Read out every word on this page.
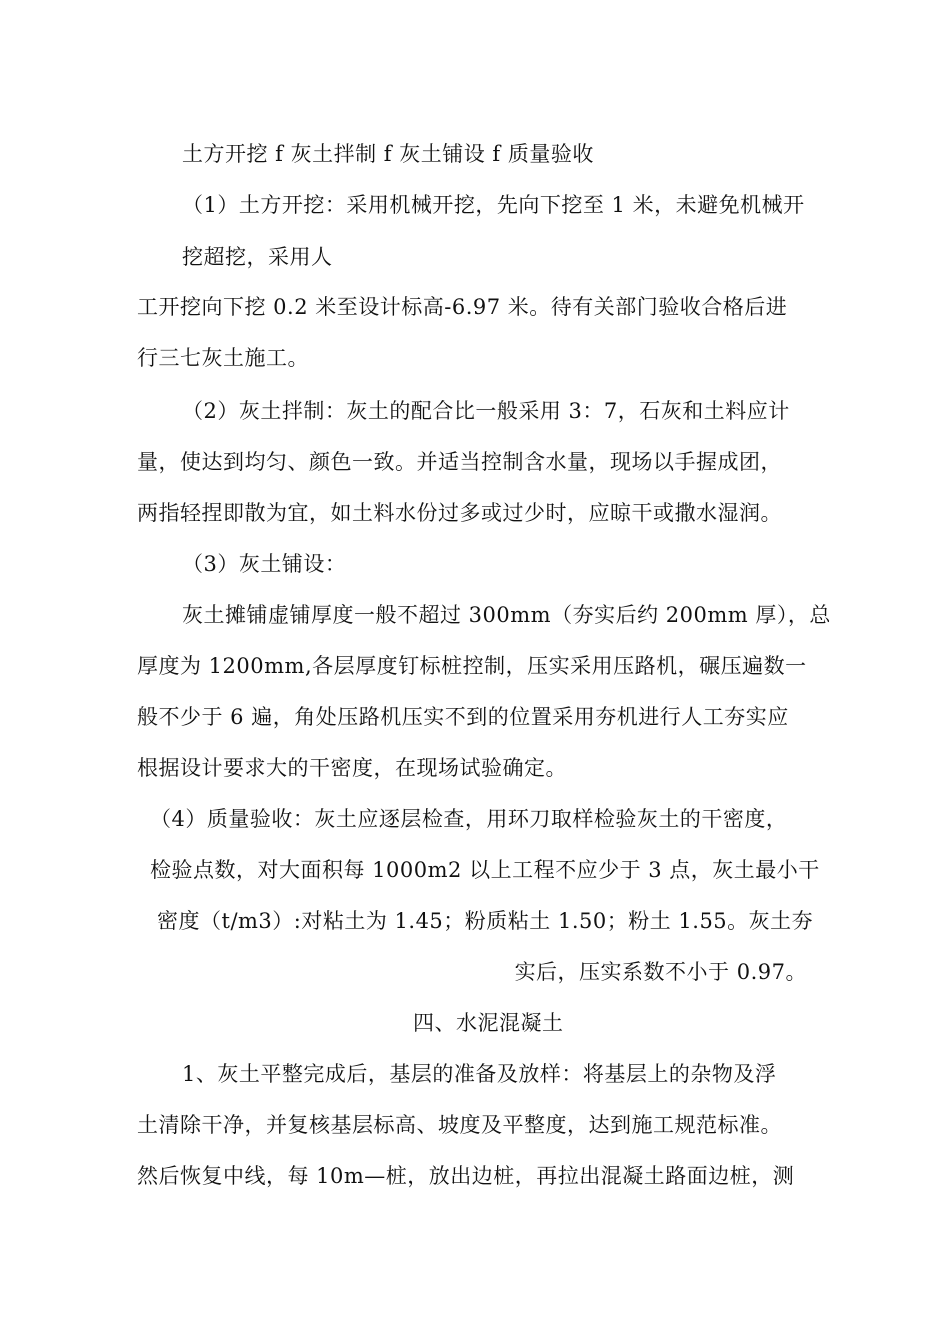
土方开挖 f 灰土拌制 f 灰土铺设 f 质量验收
（1）土方开挖：采用机械开挖，先向下挖至 1 米，未避免机械开
挖超挖，采用人
工开挖向下挖 0.2 米至设计标高-6.97 米。待有关部门验收合格后进
行三七灰土施工。
（2）灰土拌制：灰土的配合比一般采用 3：7，石灰和土料应计
量，使达到均匀、颜色一致。并适当控制含水量，现场以手握成团，
两指轻捏即散为宜，如土料水份过多或过少时，应晾干或撒水湿润。
（3）灰土铺设：
灰土摊铺虚铺厚度一般不超过 300mm（夯实后约 200mm 厚），总
厚度为 1200mm,各层厚度钉标桩控制，压实采用压路机，碾压遍数一
般不少于 6 遍，角处压路机压实不到的位置采用夯机进行人工夯实应
根据设计要求大的干密度，在现场试验确定。
（4）质量验收：灰土应逐层检查，用环刀取样检验灰土的干密度，
检验点数，对大面积每 1000m2 以上工程不应少于 3 点，灰土最小干
密度（t/m3）:对粘土为 1.45；粉质粘土 1.50；粉土 1.55。灰土夯
实后，压实系数不小于 0.97。
四、水泥混凝土
1、灰土平整完成后，基层的准备及放样：将基层上的杂物及浮
土清除干净，并复核基层标高、坡度及平整度，达到施工规范标准。
然后恢复中线，每 10m—桩，放出边桩，再拉出混凝土路面边桩，测
